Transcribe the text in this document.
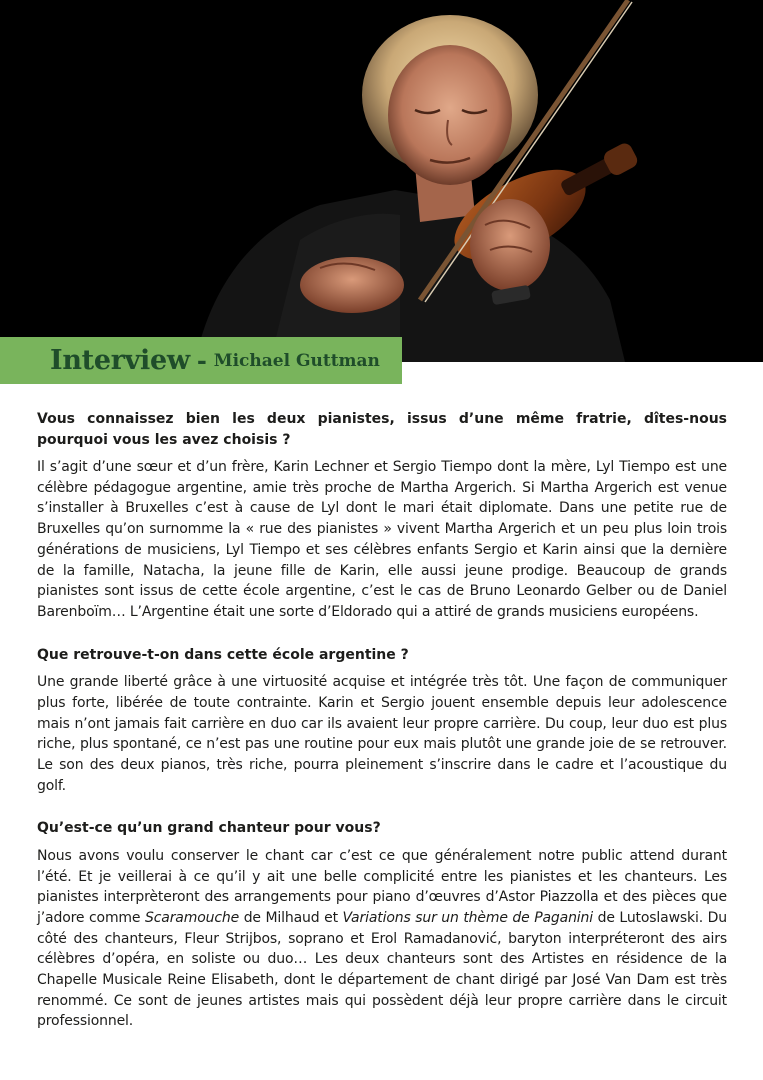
Interview - Michael Guttman

Vous connaissez bien les deux pianistes, issus d’une même fratrie, dîtes-nous pourquoi vous les avez choisis ?

Il s’agit d’une sœur et d’un frère, Karin Lechner et Sergio Tiempo dont la mère, Lyl Tiempo est une célèbre pédagogue argentine, amie très proche de Martha Argerich. Si Martha Argerich est venue s’installer à Bruxelles c’est à cause de Lyl dont le mari était diplomate. Dans une petite rue de Bruxelles qu’on surnomme la « rue des pianistes » vivent Martha Argerich et un peu plus loin trois générations de musiciens, Lyl Tiempo et ses célèbres enfants Sergio et Karin ainsi que la dernière de la famille, Natacha, la jeune fille de Karin, elle aussi jeune prodige. Beaucoup de grands pianistes sont issus de cette école argentine, c’est le cas de Bruno Leonardo Gelber ou de Daniel Barenboïm… L’Argentine était une sorte d’Eldorado qui a attiré de grands musiciens européens.

Que retrouve-t-on dans cette école argentine ?

Une grande liberté grâce à une virtuosité acquise et intégrée très tôt. Une façon de communiquer plus forte, libérée de toute contrainte. Karin et Sergio jouent ensemble depuis leur adolescence mais n’ont jamais fait carrière en duo car ils avaient leur propre carrière. Du coup, leur duo est plus riche, plus spontané, ce n’est pas une routine pour eux mais plutôt une grande joie de se retrouver. Le son des deux pianos, très riche, pourra pleinement s’inscrire dans le cadre et l’acoustique du golf.

Qu’est-ce qu’un grand chanteur pour vous?

Nous avons voulu conserver le chant car c’est ce que généralement notre public attend durant l’été. Et je veillerai à ce qu’il y ait une belle complicité entre les pianistes et les chanteurs. Les pianistes interprèteront des arrangements pour piano d’œuvres d’Astor Piazzolla et des pièces que j’adore comme Scaramouche de Milhaud et Variations sur un thème de Paganini de Lutoslawski. Du côté des chanteurs, Fleur Strijbos, soprano et Erol Ramadanović, baryton interpréteront des airs célèbres d’opéra, en soliste ou duo… Les deux chanteurs sont des Artistes en résidence de la Chapelle Musicale Reine Elisabeth, dont le département de chant dirigé par José Van Dam est très renommé. Ce sont de jeunes artistes mais qui possèdent déjà leur propre carrière dans le circuit professionnel.
